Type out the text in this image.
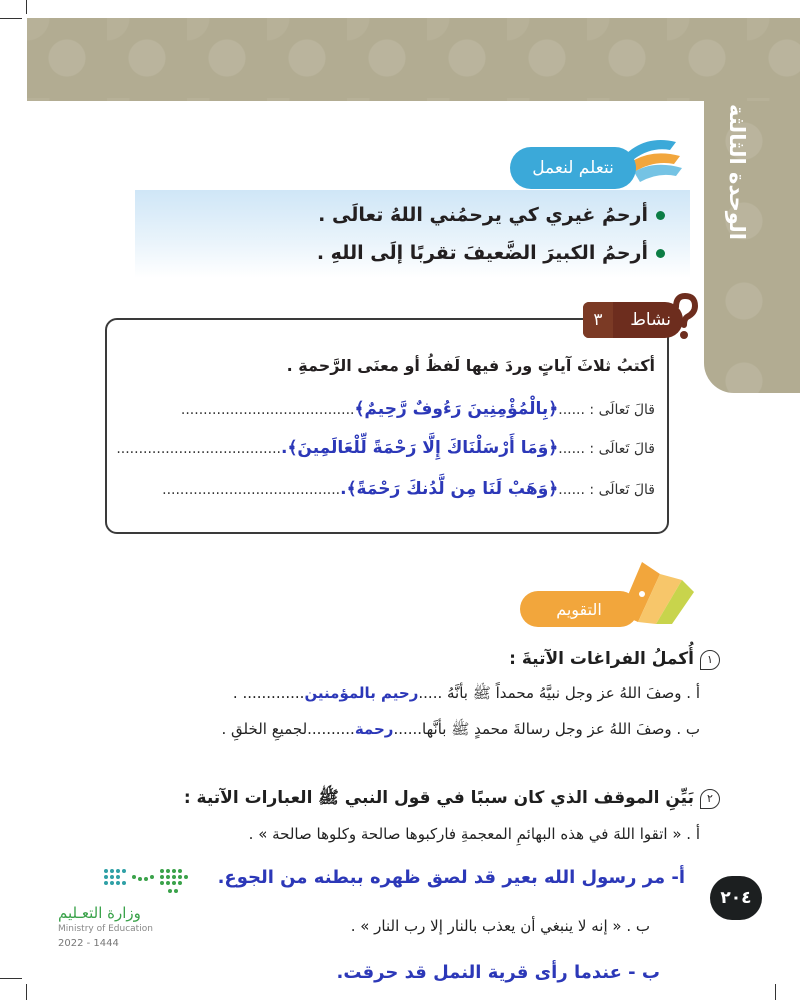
الوحدة الثالثة
نتعلم لنعمل
أرحمُ غيري كي يرحمُني اللهُ تعالَى .
أرحمُ الكبيرَ الضَّعيفَ تقربًا إلَى اللهِ .
نشاط
٣
أكتبُ ثلاثَ آياتٍ وردَ فيها لَفظُ أو معنَى الرَّحمةِ .
قالَ تَعالَى : ......﴿بِالْمُؤْمِنِينَ رَءُوفٌ رَّحِيمٌ﴾.......................................
قالَ تَعالَى : ......﴿وَمَا أَرْسَلْنَاكَ إِلَّا رَحْمَةً لِّلْعَالَمِينَ﴾......................................
قالَ تَعالَى : ......﴿وَهَبْ لَنَا مِن لَّدُنكَ رَحْمَةً﴾.........................................
التقويم
١أُكملُ الفراغات الآتيةَ :
أ . وصفَ اللهُ عز وجل نبيَّهُ محمداً ﷺ بأنَّهُ .....رحيم بالمؤمنين............. .
ب . وصفَ اللهُ عز وجل رسالةَ محمدٍ ﷺ بأنَّها......رحمة..........لجميعِ الخلقِ .
٢بَيِّنِ الموقف الذي كان سببًا في قول النبي ﷺ العبارات الآتية :
أ . « اتقوا اللهَ في هذه البهائمِ المعجمةِ فاركبوها صالحة وكلوها صالحة » .
أ- مر رسول الله بعير قد لصق ظهره ببطنه من الجوع.
ب . « إنه لا ينبغي أن يعذب بالنار إلا رب النار » .
ب - عندما رأى قرية النمل قد حرقت.
٢٠٤
وزارة التعـليم
Ministry of Education
2022 - 1444
